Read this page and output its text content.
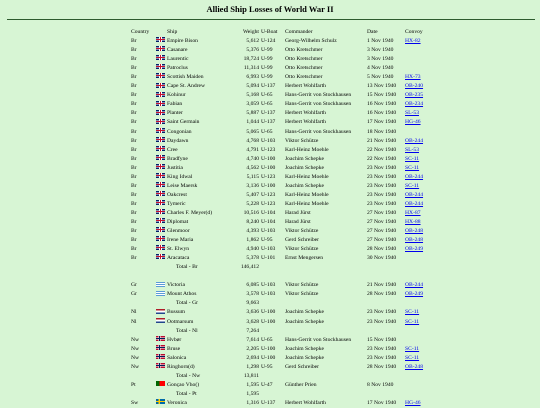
Allied Ship Losses of World War II
Country		Ship	Weight	U-Boat	Commander	Date	Convoy
Br		Empire Bison	5,612	U-124	Georg-Wilhelm Schulz	1 Nov 1940	HX-82
Br		Casanare	5,376	U-99	Otto Kretschmer	3 Nov 1940	
Br		Laurentic	18,724	U-99	Otto Kretschmer	3 Nov 1940	
Br		Patroclus	11,314	U-99	Otto Kretschmer	4 Nov 1940	
Br		Scottish Maiden	6,993	U-99	Otto Kretschmer	5 Nov 1940	HX-73
Br		Cape St. Andrew	5,094	U-137	Herbert Wohlfarth	13 Nov 1940	OB-240
Br		Kohinur	5,168	U-65	Hans-Gerrit von Stockhausen	15 Nov 1940	OB-235
Br		Fabian	3,059	U-65	Hans-Gerrit von Stockhausen	16 Nov 1940	OB-234
Br		Planter	5,887	U-137	Herbert Wohlfarth	16 Nov 1940	SL-53
Br		Saint Germain	1,044	U-137	Herbert Wohlfarth	17 Nov 1940	HG-46
Br		Congonian	5,065	U-65	Hans-Gerrit von Stockhausen	18 Nov 1940	
Br		Daydawn	4,768	U-103	Viktor Schütze	21 Nov 1940	OB-244
Br		Cree	4,791	U-123	Karl-Heinz Moehle	22 Nov 1940	SL-53
Br		Bradfyne	4,740	U-100	Joachim Schepke	22 Nov 1940	SC-11
Br		Justitia	4,562	U-100	Joachim Schepke	23 Nov 1940	SC-11
Br		King Idwal	5,115	U-123	Karl-Heinz Moehle	23 Nov 1940	OB-244
Br		Leise Maersk	3,136	U-100	Joachim Schepke	23 Nov 1940	SC-11
Br		Oakcrest	5,407	U-123	Karl-Heinz Moehle	23 Nov 1940	OB-244
Br		Tymeric	5,228	U-123	Karl-Heinz Moehle	23 Nov 1940	OB-244
Br		Charles F. Meyer(d)	10,516	U-104	Harad Jürst	27 Nov 1940	HX-87
Br		Diplomat	8,240	U-104	Harad Jürst	27 Nov 1940	HX-88
Br		Glenmoor	4,393	U-103	Viktor Schütze	27 Nov 1940	OB-248
Br		Irene Maria	1,862	U-95	Gerd Schreiber	27 Nov 1940	OB-248
Br		St. Elwyn	4,940	U-103	Viktor Schütze	28 Nov 1940	OB-249
Br		Aracataca	5,378	U-101	Ernst Mengersen	30 Nov 1940	
		Total - Br	146,412				

Gr		Victoria	6,085	U-103	Viktor Schütze	21 Nov 1940	OB-244
Gr		Mount Athos	3,578	U-103	Viktor Schütze	28 Nov 1940	OB-249
		Total - Gr	9,663				
Nl		Bussum	3,636	U-100	Joachim Schepke	23 Nov 1940	SC-11
Nl		Ootmarsum	3,628	U-100	Joachim Schepke	23 Nov 1940	SC-11
		Total - Nl	7,264				
Nw		Hvbør	7,614	U-65	Hans-Gerrit von Stockhausen	15 Nov 1940	
Nw		Bruse	2,205	U-100	Joachim Schepke	23 Nov 1940	SC-11
Nw		Salonica	2,694	U-100	Joachim Schepke	23 Nov 1940	SC-11
Nw		Ringhorn(d)	1,298	U-95	Gerd Schreiber	28 Nov 1940	OB-248
		Total - Nw	13,811				
Pt		Gonçao Vho()	1,595	U-47	Günther Prien	8 Nov 1940	
		Total - Pt	1,595				
Sw		Veronica	1,316	U-137	Herbert Wohlfarth	17 Nov 1940	HG-46
